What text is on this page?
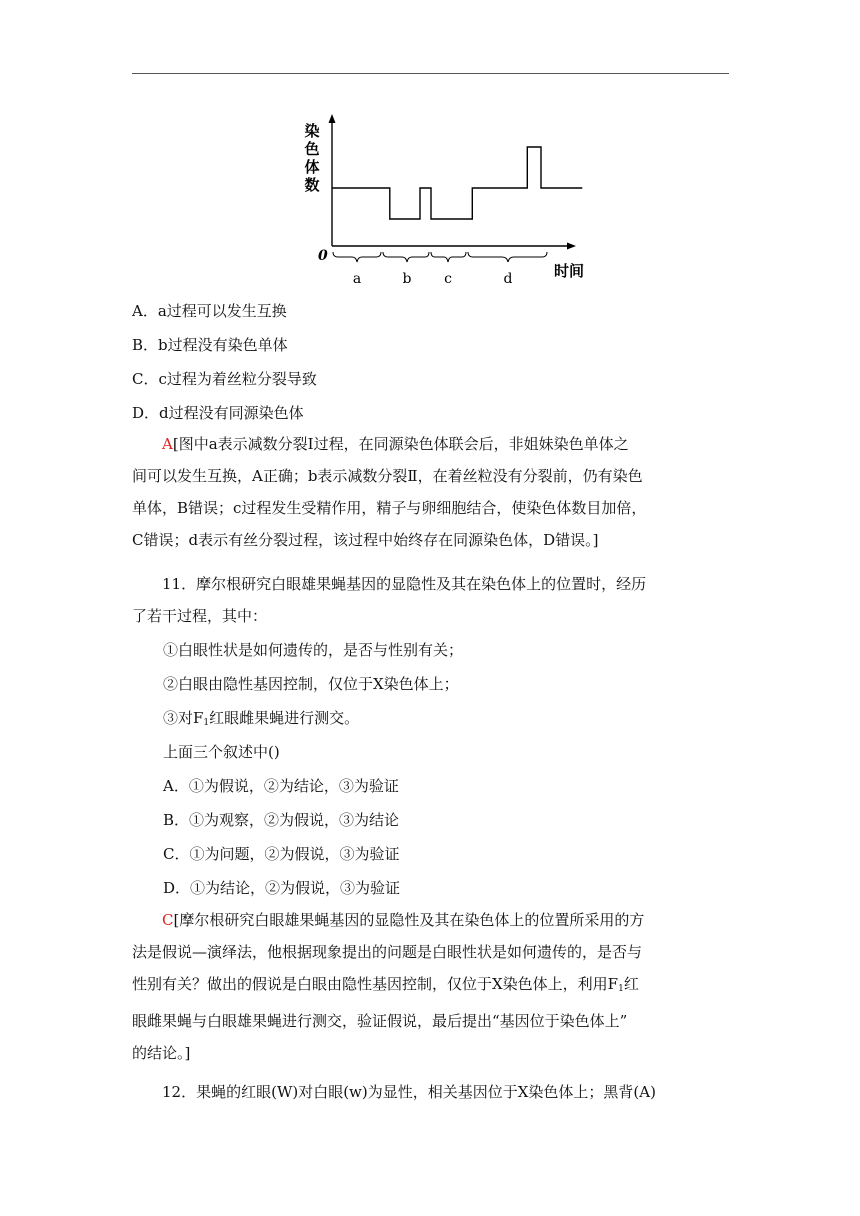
染
色
体
数
0
a	b c	d	时间
A．a过程可以发生互换
B．b过程没有染色单体
C．c过程为着丝粒分裂导致
D．d过程没有同源染色体
A[图中a表示减数分裂Ⅰ过程，在同源染色体联会后，非姐妹染色单体之
间可以发生互换，A正确；b表示减数分裂Ⅱ，在着丝粒没有分裂前，仍有染色
单体，B错误；c过程发生受精作用，精子与卵细胞结合，使染色体数目加倍，
C错误；d表示有丝分裂过程，该过程中始终存在同源染色体，D错误。]
11．摩尔根研究白眼雄果蝇基因的显隐性及其在染色体上的位置时，经历
了若干过程，其中：
①白眼性状是如何遗传的，是否与性别有关；
②白眼由隐性基因控制，仅位于X染色体上；
③对$F_1$红眼雌果蝇进行测交。
上面三个叙述中()
A．①为假说，②为结论，③为验证
B．①为观察，②为假说，③为结论
C．①为问题，②为假说，③为验证
D．①为结论，②为假说，③为验证
C[摩尔根研究白眼雄果蝇基因的显隐性及其在染色体上的位置所采用的方
法是假说—演绎法，他根据现象提出的问题是白眼性状是如何遗传的，是否与
性别有关？做出的假说是白眼由隐性基因控制，仅位于X染色体上，利用$F_1$红
眼雌果蝇与白眼雄果蝇进行测交，验证假说，最后提出“基因位于染色体上”
的结论。]
12．果蝇的红眼(W)对白眼(w)为显性，相关基因位于X染色体上；黑背(A)
